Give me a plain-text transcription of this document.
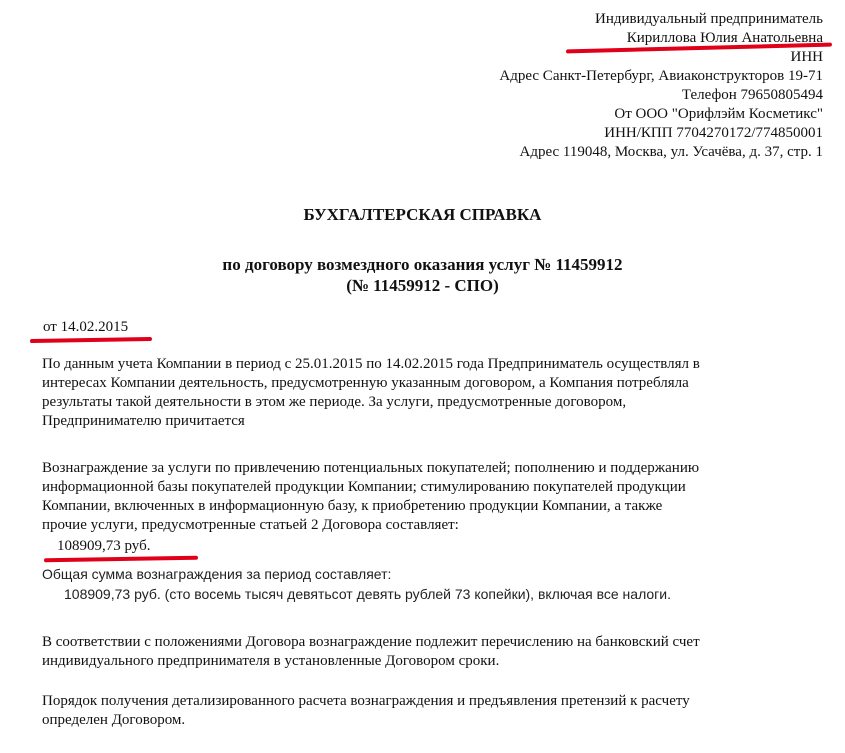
Индивидуальный предприниматель
Кириллова Юлия Анатольевна
ИНН
Адрес Санкт-Петербург, Авиаконструкторов 19-71
Телефон 79650805494
От ООО "Орифлэйм Косметикс"
ИНН/КПП 7704270172/774850001
Адрес 119048, Москва, ул. Усачёва, д. 37, стр. 1
БУХГАЛТЕРСКАЯ СПРАВКА
по договору возмездного оказания услуг № 11459912
(№ 11459912 - СПО)
от 14.02.2015
По данным учета Компании в период с 25.01.2015 по 14.02.2015 года Предприниматель осуществлял в
интересах Компании деятельность, предусмотренную указанным договором, а Компания потребляла
результаты такой деятельности в этом же периоде. За услуги, предусмотренные договором,
Предпринимателю причитается
Вознаграждение за услуги по привлечению потенциальных покупателей; пополнению и поддержанию
информационной базы покупателей продукции Компании; стимулированию покупателей продукции
Компании, включенных в информационную базу, к приобретению продукции Компании, а также
прочие услуги, предусмотренные статьей 2 Договора составляет:
108909,73 руб.
Общая сумма вознаграждения за период составляет:
108909,73 руб. (сто восемь тысяч девятьсот девять рублей 73 копейки), включая все налоги.
В соответствии с положениями Договора вознаграждение подлежит перечислению на банковский счет
индивидуального предпринимателя в установленные Договором сроки.
Порядок получения детализированного расчета вознаграждения и предъявления претензий к расчету
определен Договором.
